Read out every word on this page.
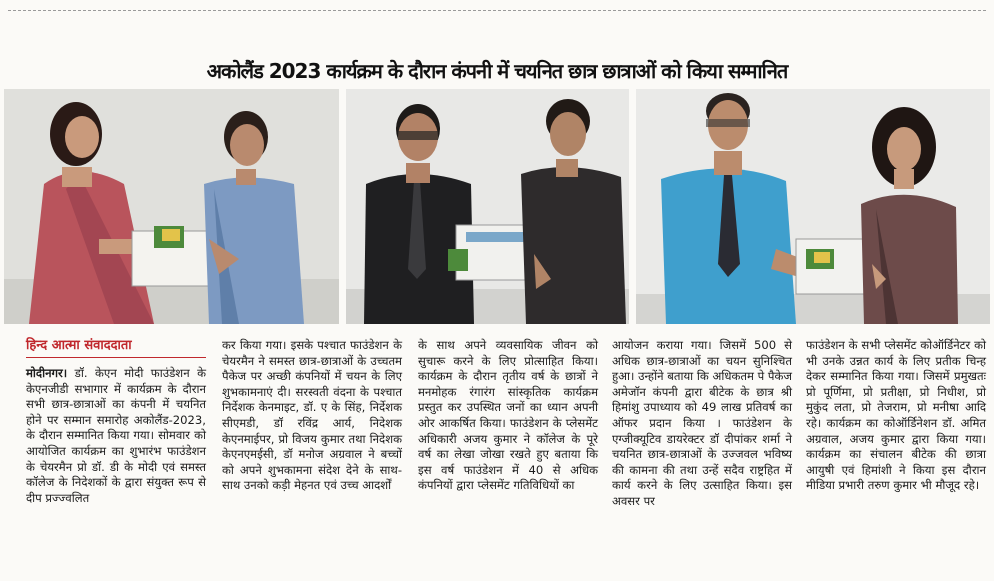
अकोलैंड 2023 कार्यक्रम के दौरान कंपनी में चयनित छात्र छात्राओं को किया सम्मानित
हिन्द आत्मा संवाददाता

मोदीनगर। डॉ. केएन मोदी फाउंडेशन के केएनजीडी सभागार में कार्यक्रम के दौरान सभी छात्र-छात्राओं का कंपनी में चयनित होने पर सम्मान समारोह अकोलैंड-2023, के दौरान सम्मानित किया गया। सोमवार को आयोजित कार्यक्रम का शुभारंभ फाउंडेशन के चेयरमैन प्रो डॉ. डी के मोदी एवं समस्त कॉलेज के निदेशकों के द्वारा संयुक्त रूप से दीप प्रज्ज्वलित

कर किया गया। इसके पश्चात फाउंडेशन के चेयरमैन ने समस्त छात्र-छात्राओं के उच्चतम पैकेज पर अच्छी कंपनियों में चयन के लिए शुभकामनाएं दी। सरस्वती वंदना के पश्चात निर्देशक केनमाइट, डॉ. ए के सिंह, निर्देशक सीएमडी, डॉ रविंद्र आर्य, निदेशक केएनमाईपर, प्रो विजय कुमार तथा निदेशक केएनएमईसी, डॉ मनोज अग्रवाल ने बच्चों को अपने शुभकामना संदेश देने के साथ-साथ उनको कड़ी मेहनत एवं उच्च आदर्शों

के साथ अपने व्यवसायिक जीवन को सुचारू करने के लिए प्रोत्साहित किया। कार्यक्रम के दौरान तृतीय वर्ष के छात्रों ने मनमोहक रंगारंग सांस्कृतिक कार्यक्रम प्रस्तुत कर उपस्थित जनों का ध्यान अपनी ओर आकर्षित किया। फाउंडेशन के प्लेसमेंट अधिकारी अजय कुमार ने कॉलेज के पूरे वर्ष का लेखा जोखा रखते हुए बताया कि इस वर्ष फाउंडेशन में 40 से अधिक कंपनियों द्वारा प्लेसमेंट गतिविधियों का

आयोजन कराया गया। जिसमें 500 से अधिक छात्र-छात्राओं का चयन सुनिश्चित हुआ। उन्होंने बताया कि अधिकतम पे पैकेज अमेजॉन कंपनी द्वारा बीटेक के छात्र श्री हिमांशु उपाध्याय को 49 लाख प्रतिवर्ष का ऑफर प्रदान किया । फाउंडेशन के एग्जीक्यूटिव डायरेक्टर डॉ दीपांकर शर्मा ने चयनित छात्र-छात्राओं के उज्जवल भविष्य की कामना की तथा उन्हें सदैव राष्ट्रहित में कार्य करने के लिए उत्साहित किया। इस अवसर पर

फाउंडेशन के सभी प्लेसमेंट कोऑर्डिनेटर को भी उनके उन्नत कार्य के लिए प्रतीक चिन्ह देकर सम्मानित किया गया। जिसमें प्रमुखतः प्रो पूर्णिमा, प्रो प्रतीक्षा, प्रो निधीश, प्रो मुकुंद लता, प्रो तेजराम, प्रो मनीषा आदि रहे। कार्यक्रम का कोऑर्डिनेशन डॉ. अमित अग्रवाल, अजय कुमार द्वारा किया गया। कार्यक्रम का संचालन बीटेक की छात्रा आयुषी एवं हिमांशी ने किया इस दौरान मीडिया प्रभारी तरुण कुमार भी मौजूद रहे।
